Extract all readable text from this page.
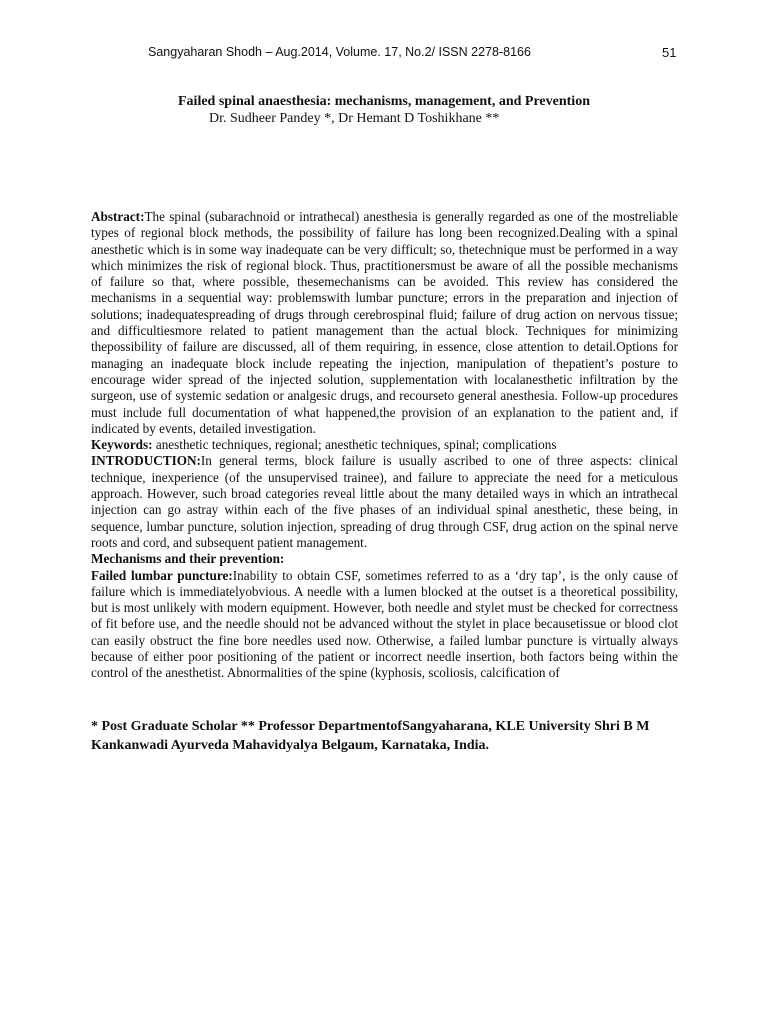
Sangyaharan Shodh – Aug.2014, Volume. 17, No.2/ ISSN 2278-8166	51
Failed spinal anaesthesia: mechanisms, management, and Prevention
Dr. Sudheer Pandey *, Dr Hemant D Toshikhane **

Abstract:The spinal (subarachnoid or intrathecal) anesthesia is generally regarded as one of the mostreliable types of regional block methods, the possibility of failure has long been recognized.Dealing with a spinal anesthetic which is in some way inadequate can be very difficult; so, thetechnique must be performed in a way which minimizes the risk of regional block. Thus, practitionersmust be aware of all the possible mechanisms of failure so that, where possible, thesemechanisms can be avoided. This review has considered the mechanisms in a sequential way: problemswith lumbar puncture; errors in the preparation and injection of solutions; inadequatespreading of drugs through cerebrospinal fluid; failure of drug action on nervous tissue; and difficultiesmore related to patient management than the actual block. Techniques for minimizing thepossibility of failure are discussed, all of them requiring, in essence, close attention to detail.Options for managing an inadequate block include repeating the injection, manipulation of thepatient’s posture to encourage wider spread of the injected solution, supplementation with localanesthetic infiltration by the surgeon, use of systemic sedation or analgesic drugs, and recourseto general anesthesia. Follow-up procedures must include full documentation of what happened,the provision of an explanation to the patient and, if indicated by events, detailed investigation.

Keywords: anesthetic techniques, regional; anesthetic techniques, spinal; complications

INTRODUCTION:In general terms, block failure is usually ascribed to one of three aspects: clinical technique, inexperience (of the unsupervised trainee), and failure to appreciate the need for a meticulous approach. However, such broad categories reveal little about the many detailed ways in which an intrathecal injection can go astray within each of the five phases of an individual spinal anesthetic, these being, in sequence, lumbar puncture, solution injection, spreading of drug through CSF, drug action on the spinal nerve roots and cord, and subsequent patient management.

Mechanisms and their prevention:

Failed lumbar puncture:Inability to obtain CSF, sometimes referred to as a ‘dry tap’, is the only cause of failure which is immediatelyobvious. A needle with a lumen blocked at the outset is a theoretical possibility, but is most unlikely with modern equipment. However, both needle and stylet must be checked for correctness of fit before use, and the needle should not be advanced without the stylet in place becausetissue or blood clot can easily obstruct the fine bore needles used now. Otherwise, a failed lumbar puncture is virtually always because of either poor positioning of the patient or incorrect needle insertion, both factors being within the control of the anesthetist. Abnormalities of the spine (kyphosis, scoliosis, calcification of

* Post Graduate Scholar ** Professor DepartmentofSangyaharana, KLE University Shri B M Kankanwadi Ayurveda Mahavidyalya Belgaum, Karnataka, India.
